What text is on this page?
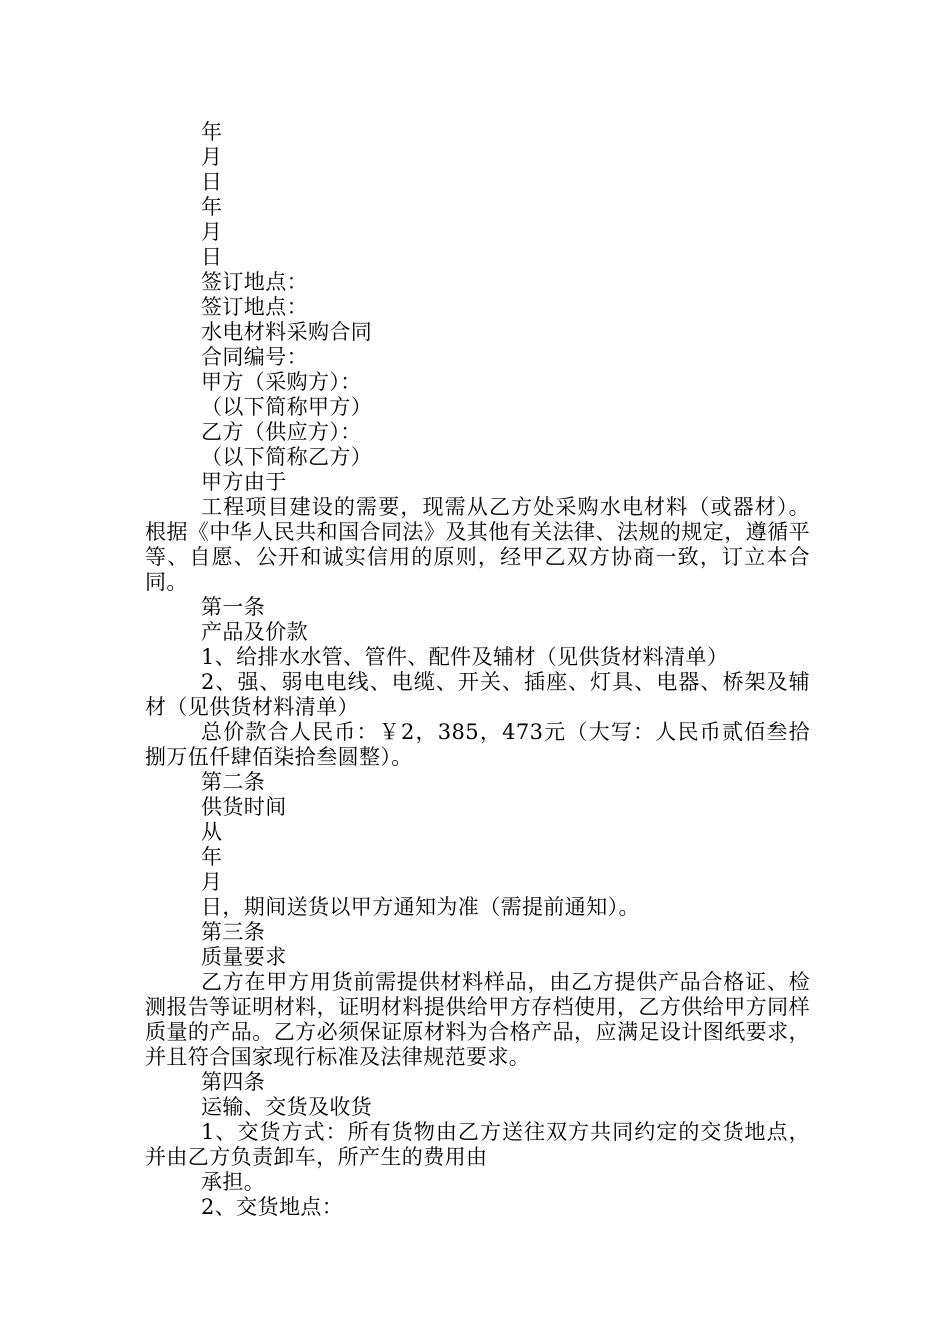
年

月

日

年

月

日

签订地点：

签订地点：

水电材料采购合同

合同编号：

甲方（采购方）：

（以下简称甲方）

乙方（供应方）：

（以下简称乙方）

甲方由于

工程项目建设的需要，现需从乙方处采购水电材料（或器材）。根据《中华人民共和国合同法》及其他有关法律、法规的规定，遵循平等、自愿、公开和诚实信用的原则，经甲乙双方协商一致，订立本合同。

第一条

产品及价款

1、给排水水管、管件、配件及辅材（见供货材料清单）

2、强、弱电电线、电缆、开关、插座、灯具、电器、桥架及辅材（见供货材料清单）

总价款合人民币：￥2，385，473元（大写：人民币贰佰叁拾捌万伍仟肆佰柒拾叁圆整）。

第二条

供货时间

从

年

月

日，期间送货以甲方通知为准（需提前通知）。

第三条

质量要求

乙方在甲方用货前需提供材料样品，由乙方提供产品合格证、检测报告等证明材料，证明材料提供给甲方存档使用，乙方供给甲方同样质量的产品。乙方必须保证原材料为合格产品，应满足设计图纸要求，并且符合国家现行标准及法律规范要求。

第四条

运输、交货及收货

1、交货方式：所有货物由乙方送往双方共同约定的交货地点，并由乙方负责卸车，所产生的费用由

承担。

2、交货地点：
